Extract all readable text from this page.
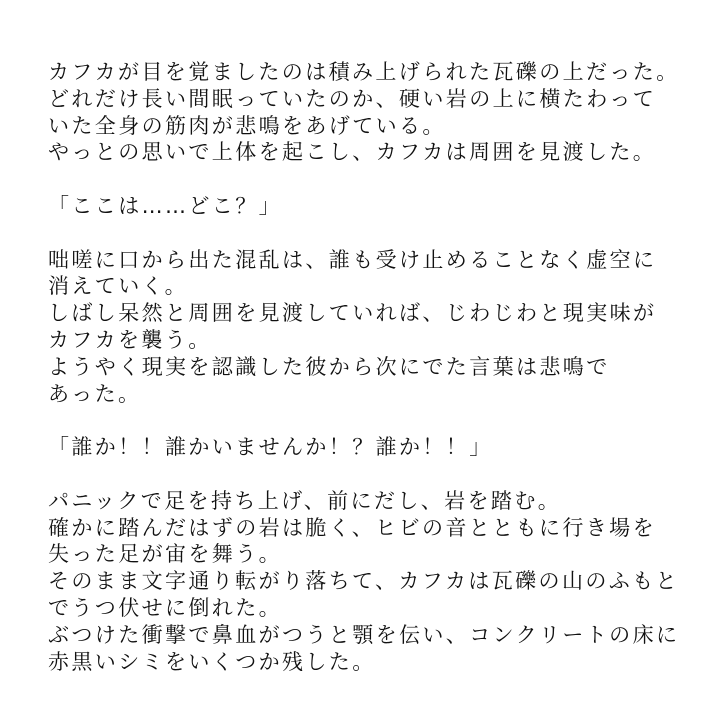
カフカが目を覚ましたのは積み上げられた瓦礫の上だった。
どれだけ長い間眠っていたのか、硬い岩の上に横たわって
いた全身の筋肉が悲鳴をあげている。
やっとの思いで上体を起こし、カフカは周囲を見渡した。
「ここは……どこ？」
咄嗟に口から出た混乱は、誰も受け止めることなく虚空に
消えていく。
しばし呆然と周囲を見渡していれば、じわじわと現実味が
カフカを襲う。
ようやく現実を認識した彼から次にでた言葉は悲鳴で
あった。
「誰か！！誰かいませんか！？誰か！！」
パニックで足を持ち上げ、前にだし、岩を踏む。
確かに踏んだはずの岩は脆く、ヒビの音とともに行き場を
失った足が宙を舞う。
そのまま文字通り転がり落ちて、カフカは瓦礫の山のふもと
でうつ伏せに倒れた。
ぶつけた衝撃で鼻血がつうと顎を伝い、コンクリートの床に
赤黒いシミをいくつか残した。
